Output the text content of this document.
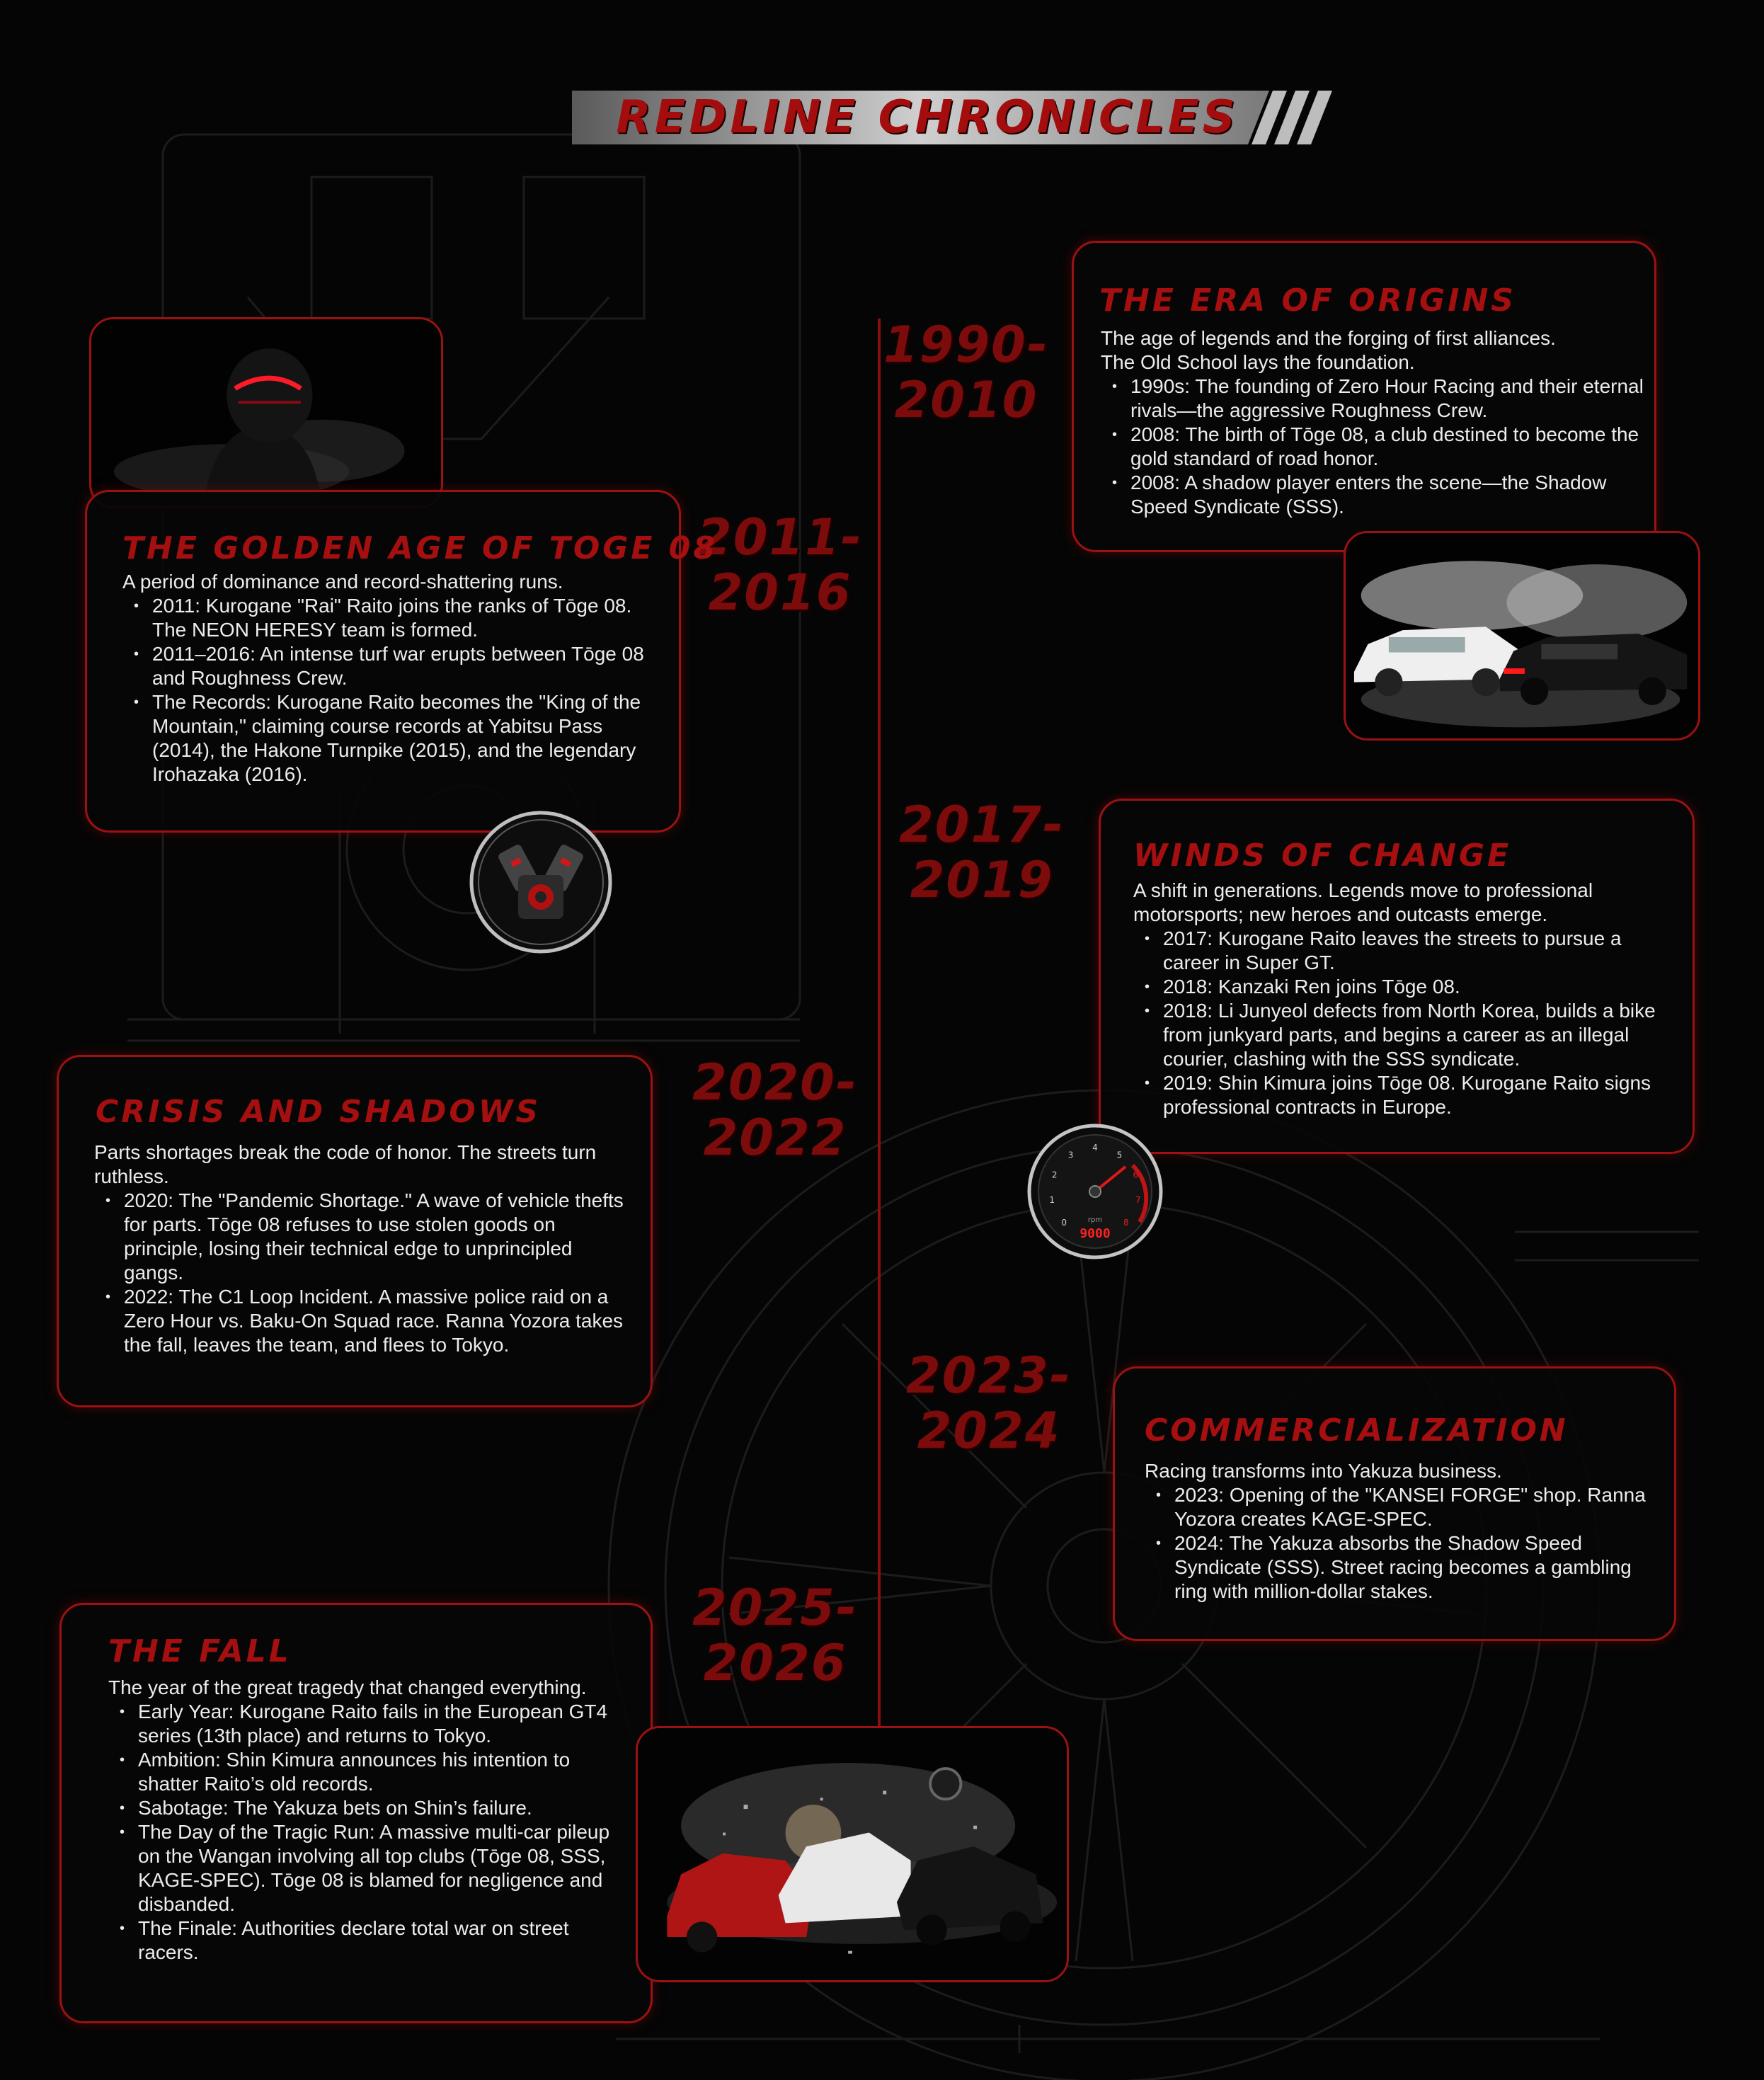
REDLINE CHRONICLES
1990-
2010
2011-
2016
2017-
2019
2020-
2022
2023-
2024
2025-
2026
THE ERA OF ORIGINS

The age of legends and the forging of first alliances.

The Old School lays the foundation.

• 1990s: The founding of Zero Hour Racing and their eternal rivals—the aggressive Roughness Crew.
• 2008: The birth of Tōge 08, a club destined to become the gold standard of road honor.
• 2008: A shadow player enters the scene—the Shadow Speed Syndicate (SSS).
THE GOLDEN AGE OF TOGE 08

A period of dominance and record-shattering runs.

• 2011: Kurogane "Rai" Raito joins the ranks of Tōge 08. The NEON HERESY team is formed.
• 2011–2016: An intense turf war erupts between Tōge 08 and Roughness Crew.
• The Records: Kurogane Raito becomes the "King of the Mountain," claiming course records at Yabitsu Pass (2014), the Hakone Turnpike (2015), and the legendary Irohazaka (2016).
WINDS OF CHANGE

A shift in generations. Legends move to professional motorsports; new heroes and outcasts emerge.

• 2017: Kurogane Raito leaves the streets to pursue a career in Super GT.
• 2018: Kanzaki Ren joins Tōge 08.
• 2018: Li Junyeol defects from North Korea, builds a bike from junkyard parts, and begins a career as an illegal courier, clashing with the SSS syndicate.
• 2019: Shin Kimura joins Tōge 08. Kurogane Raito signs professional contracts in Europe.
0
1
2
3
4
5
6
7
8
rpm
9000
CRISIS AND SHADOWS

Parts shortages break the code of honor. The streets turn ruthless.

• 2020: The "Pandemic Shortage." A wave of vehicle thefts for parts. Tōge 08 refuses to use stolen goods on principle, losing their technical edge to unprincipled gangs.
• 2022: The C1 Loop Incident. A massive police raid on a Zero Hour vs. Baku-On Squad race. Ranna Yozora takes the fall, leaves the team, and flees to Tokyo.
COMMERCIALIZATION

Racing transforms into Yakuza business.

• 2023: Opening of the "KANSEI FORGE" shop. Ranna Yozora creates KAGE-SPEC.
• 2024: The Yakuza absorbs the Shadow Speed Syndicate (SSS). Street racing becomes a gambling ring with million-dollar stakes.
THE FALL

The year of the great tragedy that changed everything.

• Early Year: Kurogane Raito fails in the European GT4 series (13th place) and returns to Tokyo.
• Ambition: Shin Kimura announces his intention to shatter Raito’s old records.
• Sabotage: The Yakuza bets on Shin’s failure.
• The Day of the Tragic Run: A massive multi-car pileup on the Wangan involving all top clubs (Tōge 08, SSS, KAGE-SPEC). Tōge 08 is blamed for negligence and disbanded.
• The Finale: Authorities declare total war on street racers.
